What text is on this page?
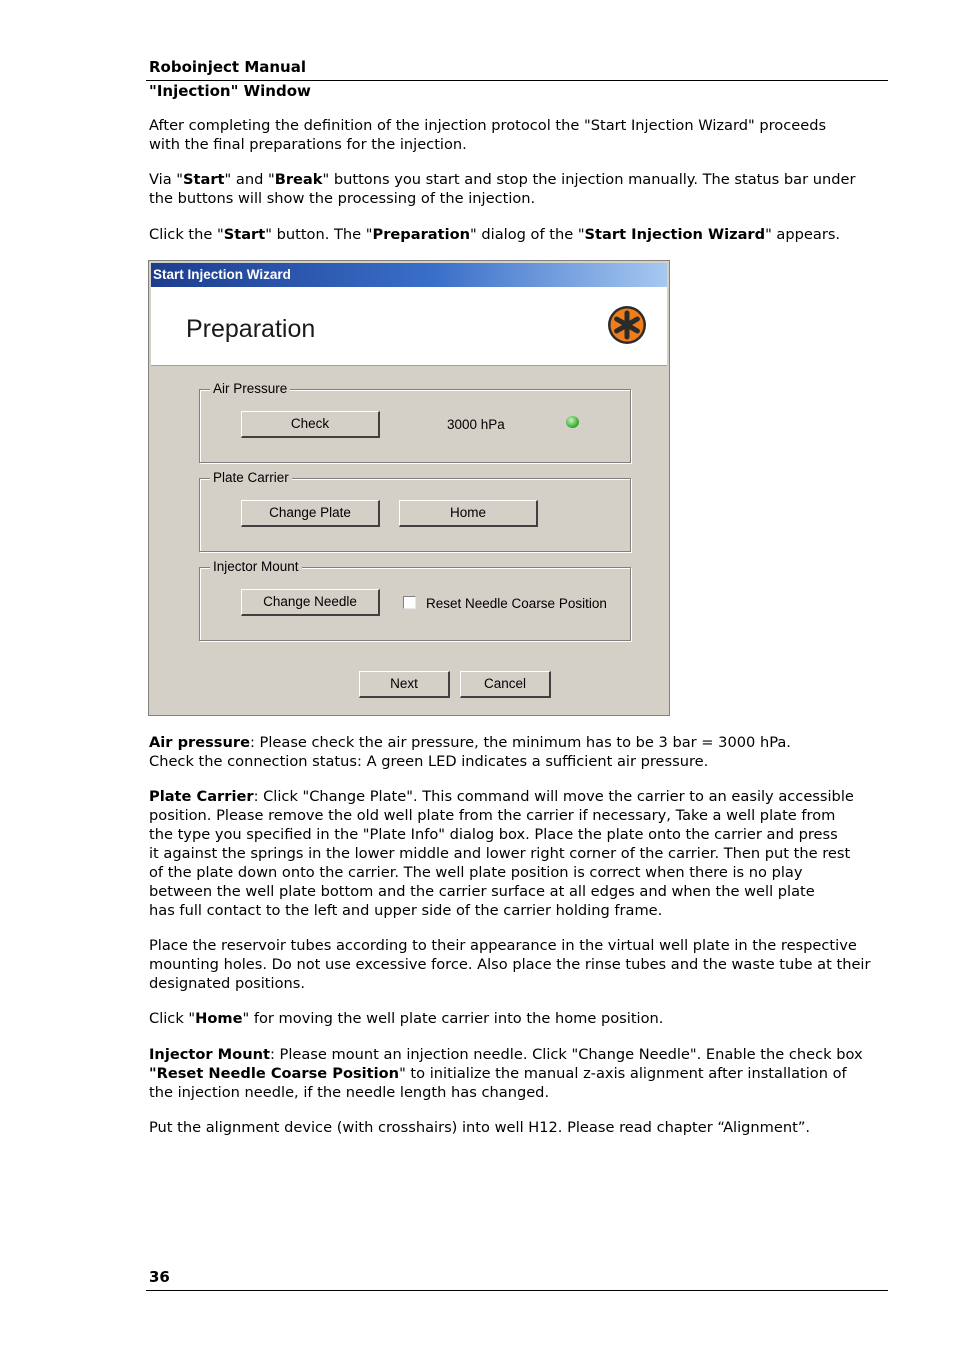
Roboinject Manual
"Injection" Window
After completing the definition of the injection protocol the "Start Injection Wizard" proceeds
with the final preparations for the injection.
Via "Start" and "Break" buttons you start and stop the injection manually. The status bar under
the buttons will show the processing of the injection.
Click the "Start" button. The "Preparation" dialog of the "Start Injection Wizard" appears.
Start Injection Wizard
Preparation
Air Pressure
Check	3000 hPa
Plate Carrier
Change Plate	Home
Injector Mount
Change Needle	Reset Needle Coarse Position
Next	Cancel
Air pressure: Please check the air pressure, the minimum has to be 3 bar = 3000 hPa.
Check the connection status: A green LED indicates a sufficient air pressure.
Plate Carrier: Click "Change Plate". This command will move the carrier to an easily accessible
position. Please remove the old well plate from the carrier if necessary, Take a well plate from
the type you specified in the "Plate Info" dialog box. Place the plate onto the carrier and press
it against the springs in the lower middle and lower right corner of the carrier. Then put the rest
of the plate down onto the carrier. The well plate position is correct when there is no play
between the well plate bottom and the carrier surface at all edges and when the well plate
has full contact to the left and upper side of the carrier holding frame.
Place the reservoir tubes according to their appearance in the virtual well plate in the respective
mounting holes. Do not use excessive force. Also place the rinse tubes and the waste tube at their
designated positions.
Click "Home" for moving the well plate carrier into the home position.
Injector Mount: Please mount an injection needle. Click "Change Needle". Enable the check box
"Reset Needle Coarse Position" to initialize the manual z-axis alignment after installation of
the injection needle, if the needle length has changed.
Put the alignment device (with crosshairs) into well H12. Please read chapter “Alignment”.
36
